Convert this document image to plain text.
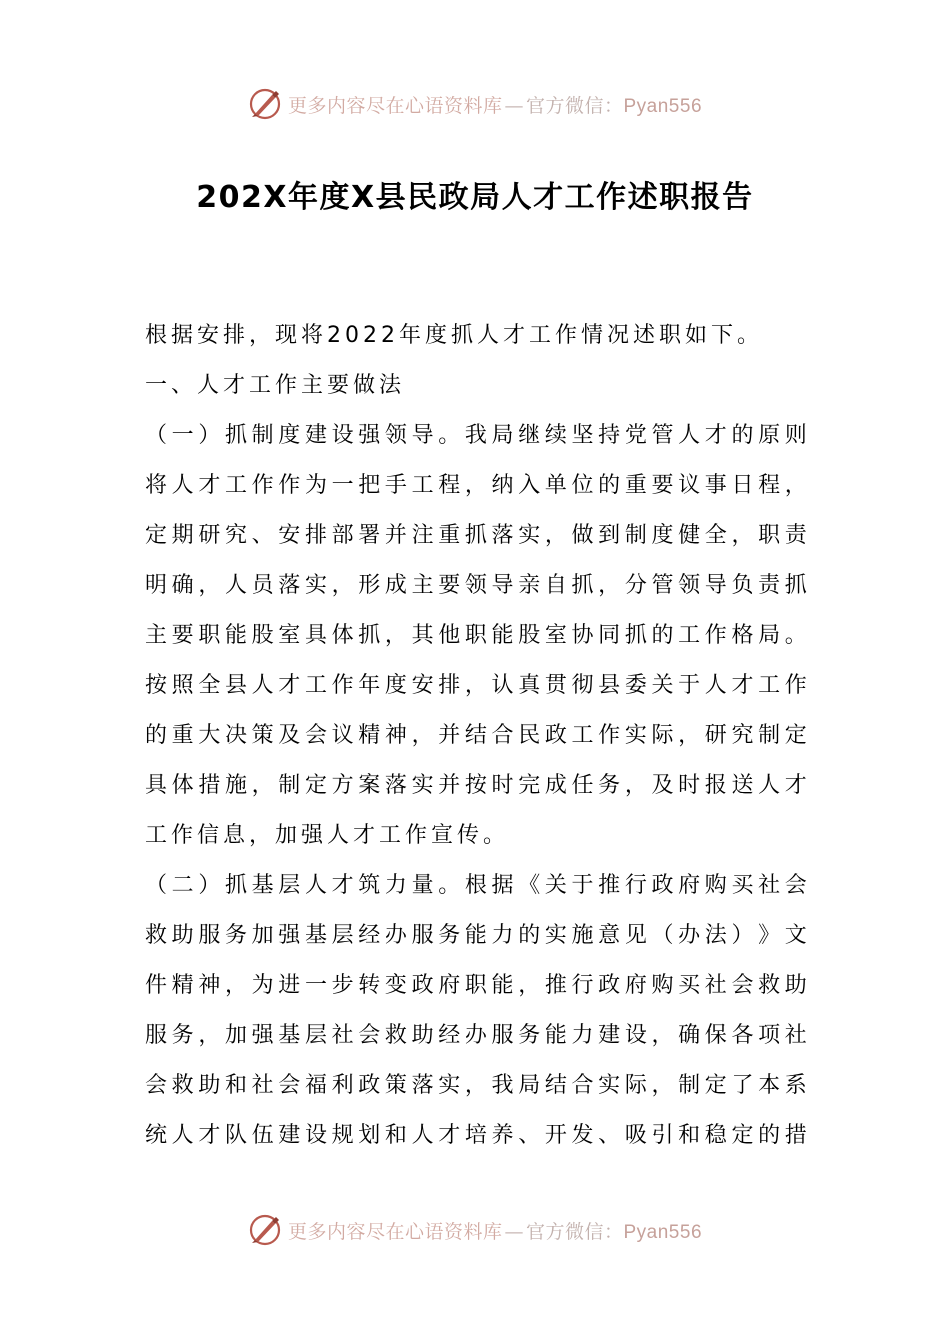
更多内容尽在心语资料库 — 官方微信：Pyan556
202X年度X县民政局人才工作述职报告
根据安排，现将2022年度抓人才工作情况述职如下。
一、人才工作主要做法
（ 一 ） 抓 制 度 建 设 强 领 导 。 我 局 继 续 坚 持 党 管 人 才 的 原 则
将 人 才 工 作 作 为 一 把 手 工 程 ， 纳 入 单 位 的 重 要 议 事 日 程 ，
定 期 研 究 、 安 排 部 署 并 注 重 抓 落 实 ， 做 到 制 度 健 全 ， 职 责
明 确 ， 人 员 落 实 ， 形 成 主 要 领 导 亲 自 抓 ， 分 管 领 导 负 责 抓
主 要 职 能 股 室 具 体 抓 ， 其 他 职 能 股 室 协 同 抓 的 工 作 格 局 。
按 照 全 县 人 才 工 作 年 度 安 排 ， 认 真 贯 彻 县 委 关 于 人 才 工 作
的 重 大 决 策 及 会 议 精 神 ， 并 结 合 民 政 工 作 实 际 ， 研 究 制 定
具 体 措 施 ， 制 定 方 案 落 实 并 按 时 完 成 任 务 ， 及 时 报 送 人 才
工作信息，加强人才工作宣传。
（ 二 ） 抓 基 层 人 才 筑 力 量 。 根 据 《 关 于 推 行 政 府 购 买 社 会
救 助 服 务 加 强 基 层 经 办 服 务 能 力 的 实 施 意 见 （ 办 法 ） 》 文
件 精 神 ， 为 进 一 步 转 变 政 府 职 能 ， 推 行 政 府 购 买 社 会 救 助
服 务 ， 加 强 基 层 社 会 救 助 经 办 服 务 能 力 建 设 ， 确 保 各 项 社
会 救 助 和 社 会 福 利 政 策 落 实 ， 我 局 结 合 实 际 ， 制 定 了 本 系
统 人 才 队 伍 建 设 规 划 和 人 才 培 养 、 开 发 、 吸 引 和 稳 定 的 措
更多内容尽在心语资料库 — 官方微信：Pyan556
